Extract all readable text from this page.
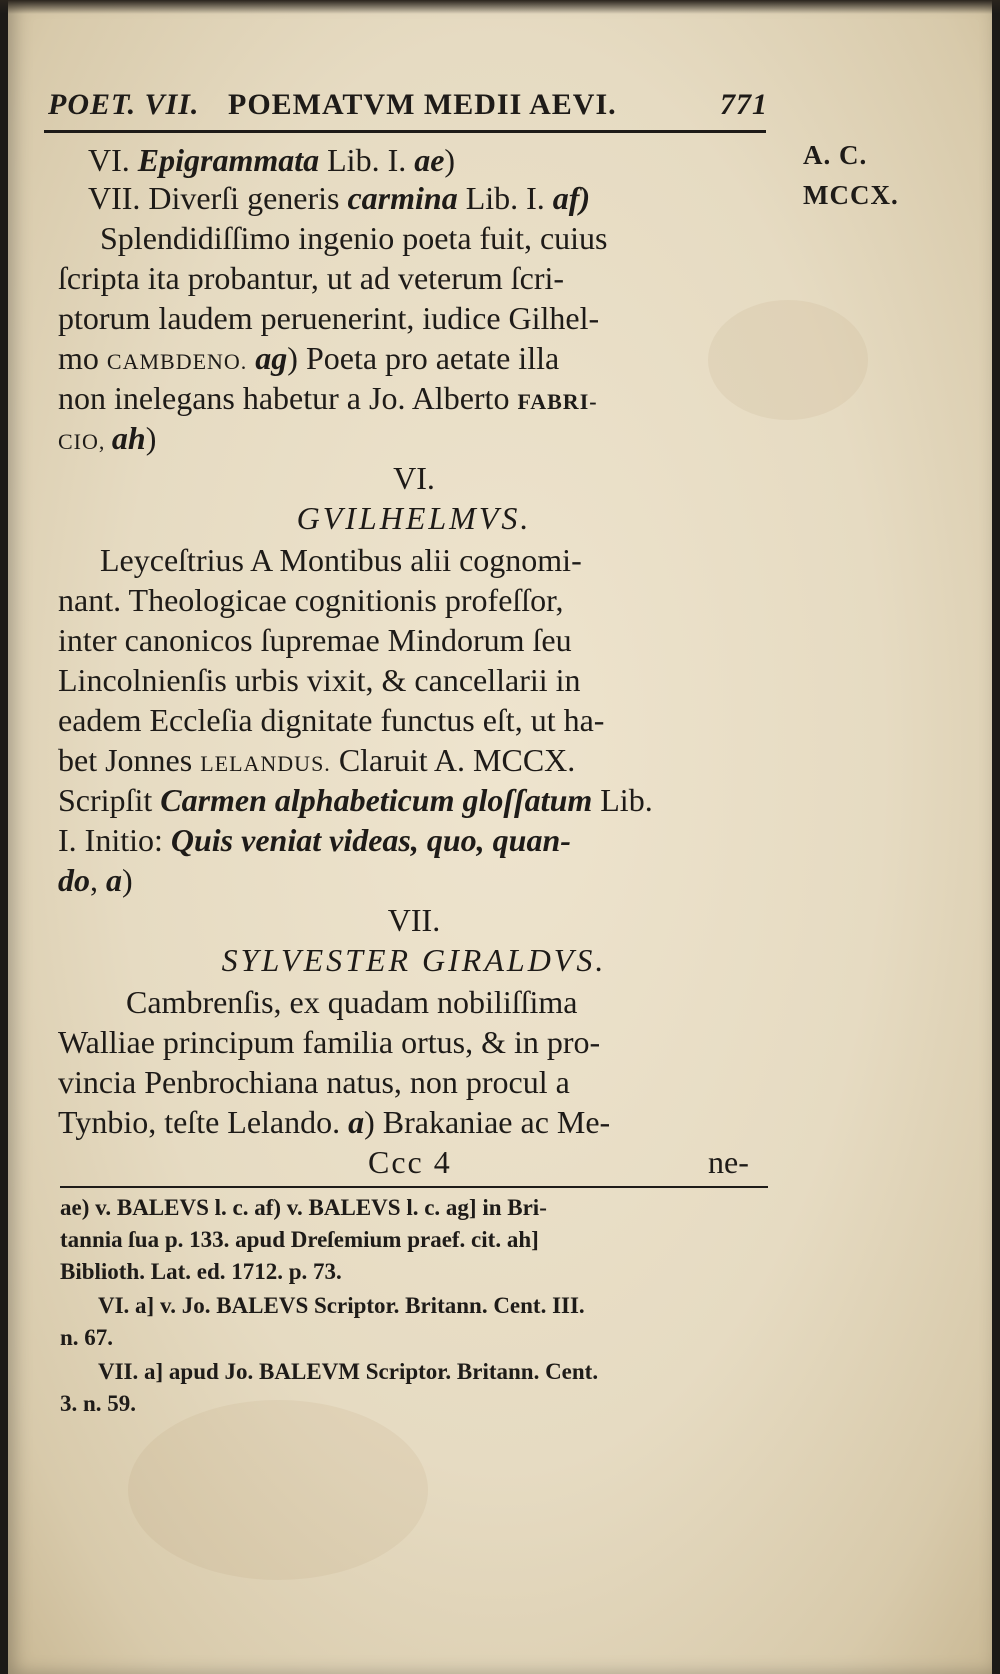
POET. VII. POEMATVM MEDII AEVI.	771
A. C.
MCCX.
VI. Epigrammata Lib. I. ae)
VII. Diverſi generis carmina Lib. I. af)
Splendidiſſimo ingenio poeta fuit, cuius
ſcripta ita probantur, ut ad veterum ſcri-
ptorum laudem peruenerint, iudice Gilhel-
mo CAMBDENO. ag) Poeta pro aetate illa
non inelegans habetur a Jo. Alberto FABRI-
CIO, ah)
VI.
GVILHELMVS.
Leyceſtrius A Montibus alii cognomi-
nant. Theologicae cognitionis profeſſor,
inter canonicos ſupremae Mindorum ſeu
Lincolnienſis urbis vixit, & cancellarii in
eadem Eccleſia dignitate functus eſt, ut ha-
bet Jonnes LELANDUS. Claruit A. MCCX.
Scripſit Carmen alphabeticum gloſſatum Lib.
I. Initio: Quis veniat videas, quo, quan-
do, a)
VII.
SYLVESTER GIRALDVS.
Cambrenſis, ex quadam nobiliſſima
Walliae principum familia ortus, & in pro-
vincia Penbrochiana natus, non procul a
Tynbio, teſte Lelando. a) Brakaniae ac Me-
Ccc 4	ne-
ae) v. BALEVS l. c. af) v. BALEVS l. c. ag] in Bri-
tannia ſua p. 133. apud Dreſemium praef. cit. ah]
Biblioth. Lat. ed. 1712. p. 73.
VI. a] v. Jo. BALEVS Scriptor. Britann. Cent. III.
n. 67.
VII. a] apud Jo. BALEVM Scriptor. Britann. Cent.
3. n. 59.
